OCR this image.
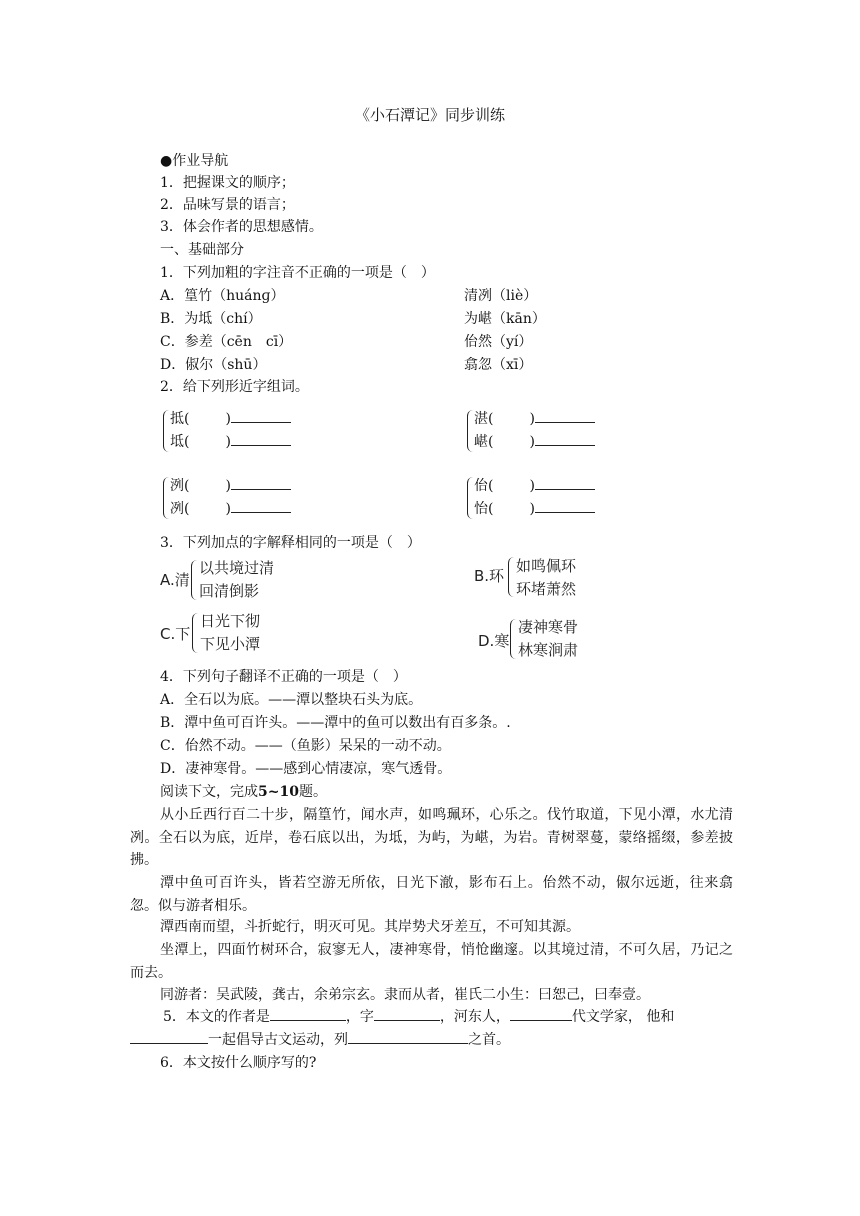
《小石潭记》同步训练
●作业导航
1．把握课文的顺序；
2．品味写景的语言；
3．体会作者的思想感情。
一、基础部分
1．下列加粗的字注音不正确的一项是（　）
A．篁竹（huánɡ）	清冽（liè）
B．为坻（chí）	为嵁（kān）
C．参差（cēn　cī）	佁然（yí）
D．俶尔（shū）	翕忽（xī）
2．给下列形近字组词。
抵(	)
坻(	)
湛(	)
嵁(	)
洌(	)
冽(	)
佁(	)
怡(	)
3．下列加点的字解释相同的一项是（　）
A.清
以共境过清
回清倒影
B.环
如鸣佩环
环堵萧然
C.下
日光下彻
下见小潭	D.寒
凄神寒骨
林寒涧肃
4．下列句子翻译不正确的一项是（　）
A．全石以为底。——潭以整块石头为底。
B．潭中鱼可百许头。——潭中的鱼可以数出有百多条。.
C．佁然不动。——（鱼影）呆呆的一动不动。
D．凄神寒骨。——感到心情凄凉，寒气透骨。
阅读下文，完成5~10题。
从小丘西行百二十步，隔篁竹，闻水声，如鸣珮环，心乐之。伐竹取道，下见小潭，水尤清冽。全石以为底，近岸，卷石底以出，为坻，为屿，为嵁，为岩。青树翠蔓，蒙络摇缀，参差披拂。
潭中鱼可百许头，皆若空游无所依，日光下澈，影布石上。佁然不动，俶尔远逝，往来翕忽。似与游者相乐。
潭西南而望，斗折蛇行，明灭可见。其岸势犬牙差互，不可知其源。
坐潭上，四面竹树环合，寂寥无人，凄神寒骨，悄怆幽邃。以其境过清，不可久居，乃记之而去。
同游者：吴武陵，龚古，余弟宗玄。隶而从者，崔氏二小生：曰恕己，曰奉壹。
5．本文的作者是	，字	，河东人，	代文学家， 他和
一起倡导古文运动，列	之首。
6．本文按什么顺序写的?
